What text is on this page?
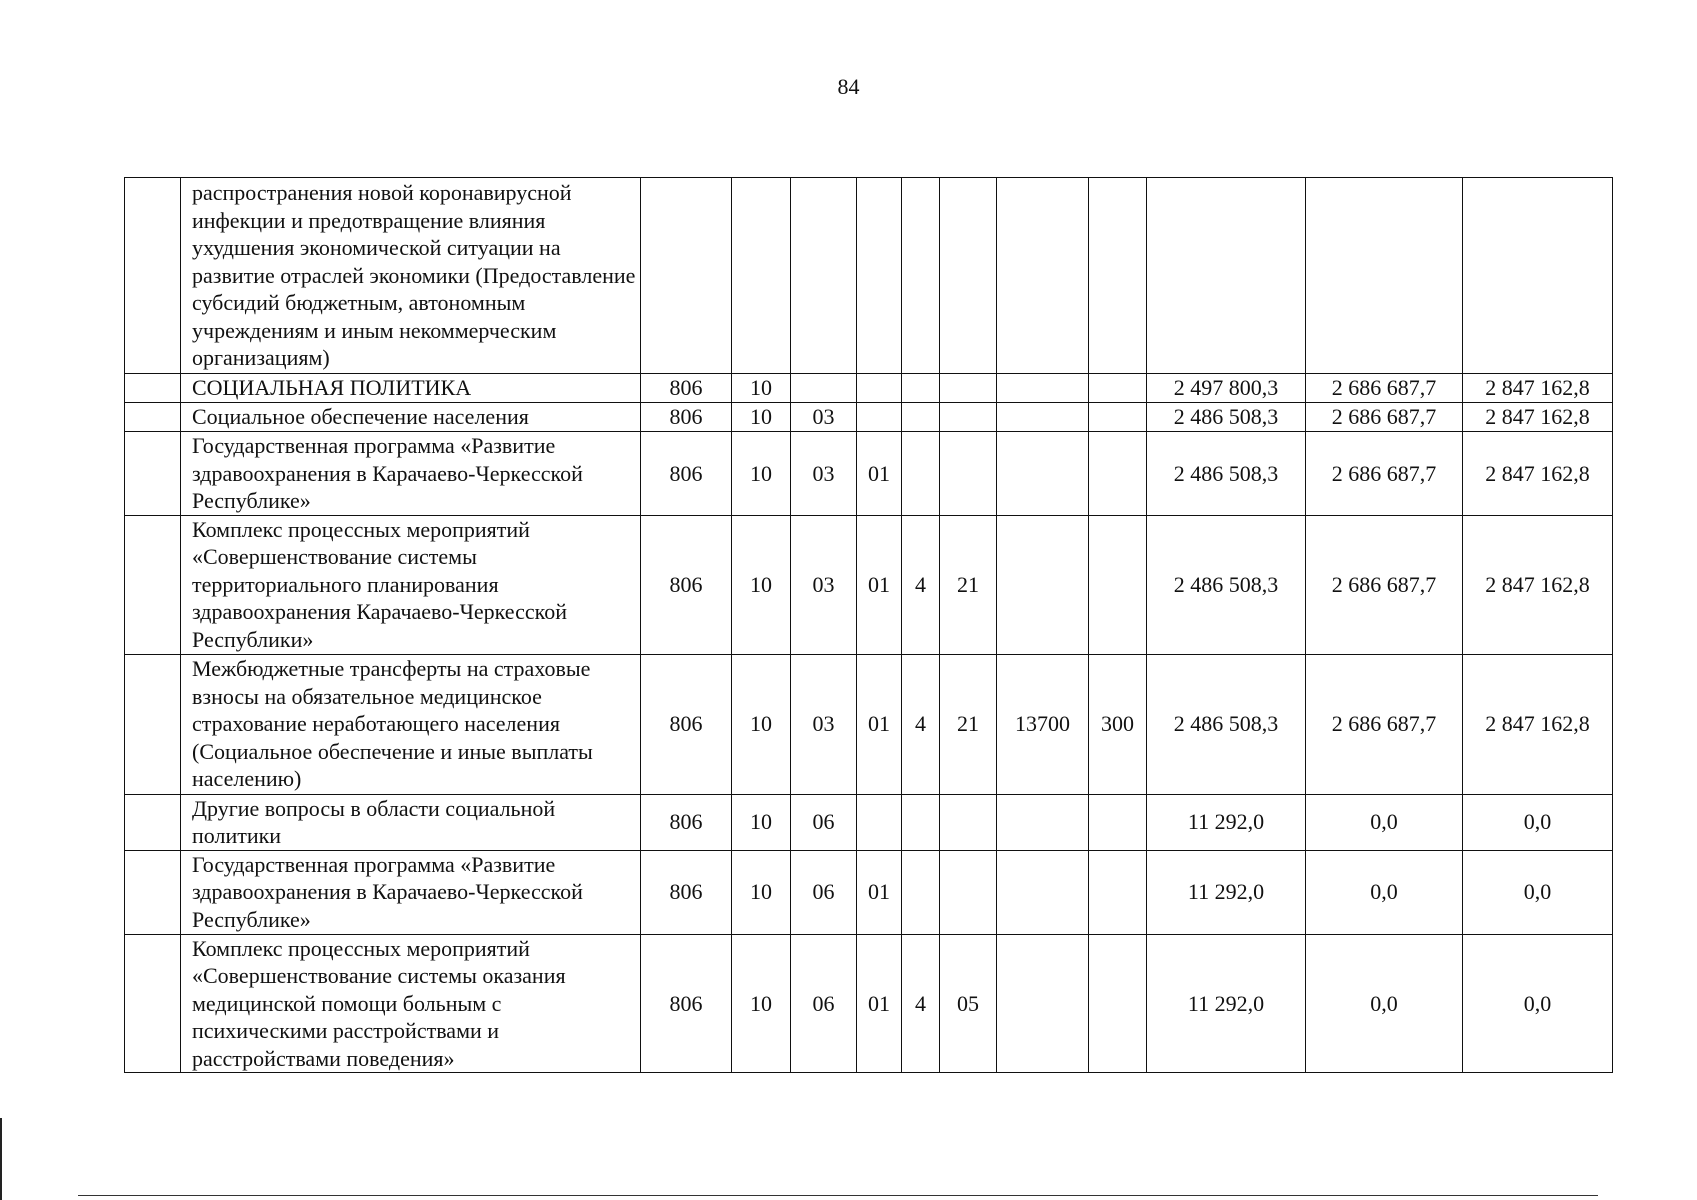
84
	распространения новой коронавирусной инфекции и предотвращение влияния ухудшения экономической ситуации на развитие отраслей экономики (Предоставление субсидий бюджетным, автономным учреждениям и иным некоммерческим организациям)											
	СОЦИАЛЬНАЯ ПОЛИТИКА	806	10							2 497 800,3	2 686 687,7	2 847 162,8
	Социальное обеспечение населения	806	10	03						2 486 508,3	2 686 687,7	2 847 162,8
	Государственная программа «Развитие здравоохранения в Карачаево-Черкесской Республике»	806	10	03	01					2 486 508,3	2 686 687,7	2 847 162,8
	Комплекс процессных мероприятий «Совершенствование системы территориального планирования здравоохранения Карачаево-Черкесской Республики»	806	10	03	01	4	21			2 486 508,3	2 686 687,7	2 847 162,8
	Межбюджетные трансферты на страховые взносы на обязательное медицинское страхование неработающего населения (Социальное обеспечение и иные выплаты населению)	806	10	03	01	4	21	13700	300	2 486 508,3	2 686 687,7	2 847 162,8
	Другие вопросы в области социальной политики	806	10	06						11 292,0	0,0	0,0
	Государственная программа «Развитие здравоохранения в Карачаево-Черкесской Республике»	806	10	06	01					11 292,0	0,0	0,0
	Комплекс процессных мероприятий «Совершенствование системы оказания медицинской помощи больным с психическими расстройствами и расстройствами поведения»	806	10	06	01	4	05			11 292,0	0,0	0,0
